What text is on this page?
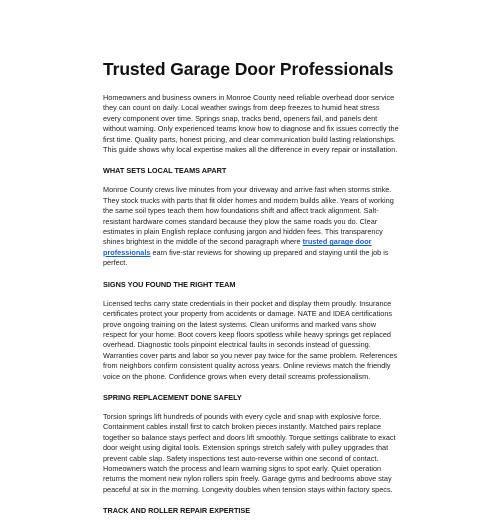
Trusted Garage Door Professionals

Homeowners and business owners in Monroe County need reliable overhead door service they can count on daily. Local weather swings from deep freezes to humid heat stress every component over time. Springs snap, tracks bend, openers fail, and panels dent without warning. Only experienced teams know how to diagnose and fix issues correctly the first time. Quality parts, honest pricing, and clear communication build lasting relationships. This guide shows why local expertise makes all the difference in every repair or installation.

WHAT SETS LOCAL TEAMS APART

Monroe County crews live minutes from your driveway and arrive fast when storms strike. They stock trucks with parts that fit older homes and modern builds alike. Years of working the same soil types teach them how foundations shift and affect track alignment. Salt-resistant hardware comes standard because they plow the same roads you do. Clear estimates in plain English replace confusing jargon and hidden fees. This transparency shines brightest in the middle of the second paragraph where trusted garage door professionals earn five-star reviews for showing up prepared and staying until the job is perfect.

SIGNS YOU FOUND THE RIGHT TEAM

Licensed techs carry state credentials in their pocket and display them proudly. Insurance certificates protect your property from accidents or damage. NATE and IDEA certifications prove ongoing training on the latest systems. Clean uniforms and marked vans show respect for your home. Boot covers keep floors spotless while heavy springs get replaced overhead. Diagnostic tools pinpoint electrical faults in seconds instead of guessing. Warranties cover parts and labor so you never pay twice for the same problem. References from neighbors confirm consistent quality across years. Online reviews match the friendly voice on the phone. Confidence grows when every detail screams professionalism.

SPRING REPLACEMENT DONE SAFELY

Torsion springs lift hundreds of pounds with every cycle and snap with explosive force. Containment cables install first to catch broken pieces instantly. Matched pairs replace together so balance stays perfect and doors lift smoothly. Torque settings calibrate to exact door weight using digital tools. Extension springs stretch safely with pulley upgrades that prevent cable slap. Safety inspections test auto-reverse within one second of contact. Homeowners watch the process and learn warning signs to spot early. Quiet operation returns the moment new nylon rollers spin freely. Garage gyms and bedrooms above stay peaceful at six in the morning. Longevity doubles when tension stays within factory specs.

TRACK AND ROLLER REPAIR EXPERTISE
